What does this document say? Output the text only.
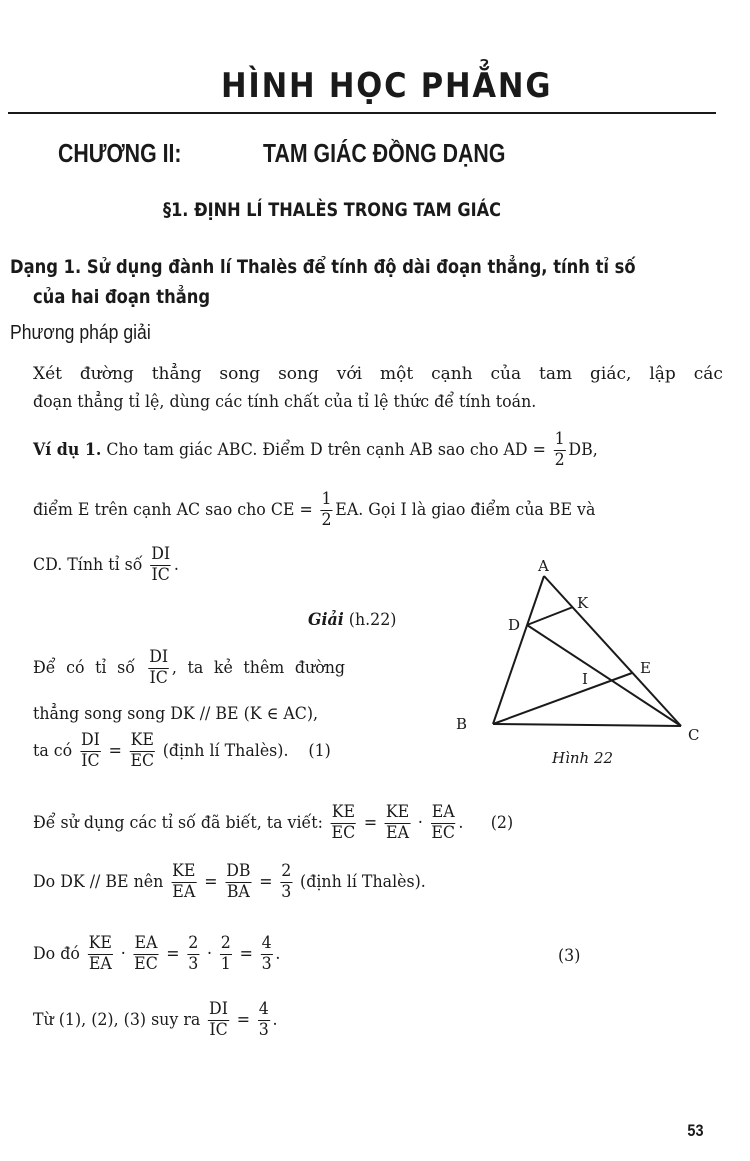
HÌNH HỌC PHẲNG
CHƯƠNG II:	TAM GIÁC ĐỒNG DẠNG
§1. ĐỊNH LÍ THALÈS TRONG TAM GIÁC
Dạng 1. Sử dụng đành lí Thalès để tính độ dài đoạn thẳng, tính tỉ số
của hai đoạn thẳng
Phương pháp giải
Xét đường thẳng song song với một cạnh của tam giác, lập các
đoạn thẳng tỉ lệ, dùng các tính chất của tỉ lệ thức để tính toán.
Ví dụ 1. Cho tam giác ABC. Điểm D trên cạnh AB sao cho AD = $\frac{1}{2}$ DB,
điểm E trên cạnh AC sao cho CE = $\frac{1}{2}$ EA. Gọi I là giao điểm của BE và
CD. Tính tỉ số $\frac{DI}{IC}$ .
Giải (h.22)
Để có tỉ số $\frac{DI}{IC}$ , ta kẻ thêm đường
thẳng song song DK // BE (K ∈ AC),
ta có $\frac{DI}{IC} = \frac{KE}{EC}$ (định lí Thalès). (1)
Để sử dụng các tỉ số đã biết, ta viết: $\frac{KE}{EC} = \frac{KE}{EA} \cdot \frac{EA}{EC}$ . (2)
Do DK // BE nên $\frac{KE}{EA} = \frac{DB}{BA} = \frac{2}{3}$ (định lí Thalès).
Do đó $\frac{KE}{EA} \cdot \frac{EA}{EC} = \frac{2}{3} \cdot \frac{2}{1} = \frac{4}{3}$ .	(3)
Từ (1), (2), (3) suy ra $\frac{DI}{IC} = \frac{4}{3}$ .
A
K
D
E
I
B
C
Hình 22
53
